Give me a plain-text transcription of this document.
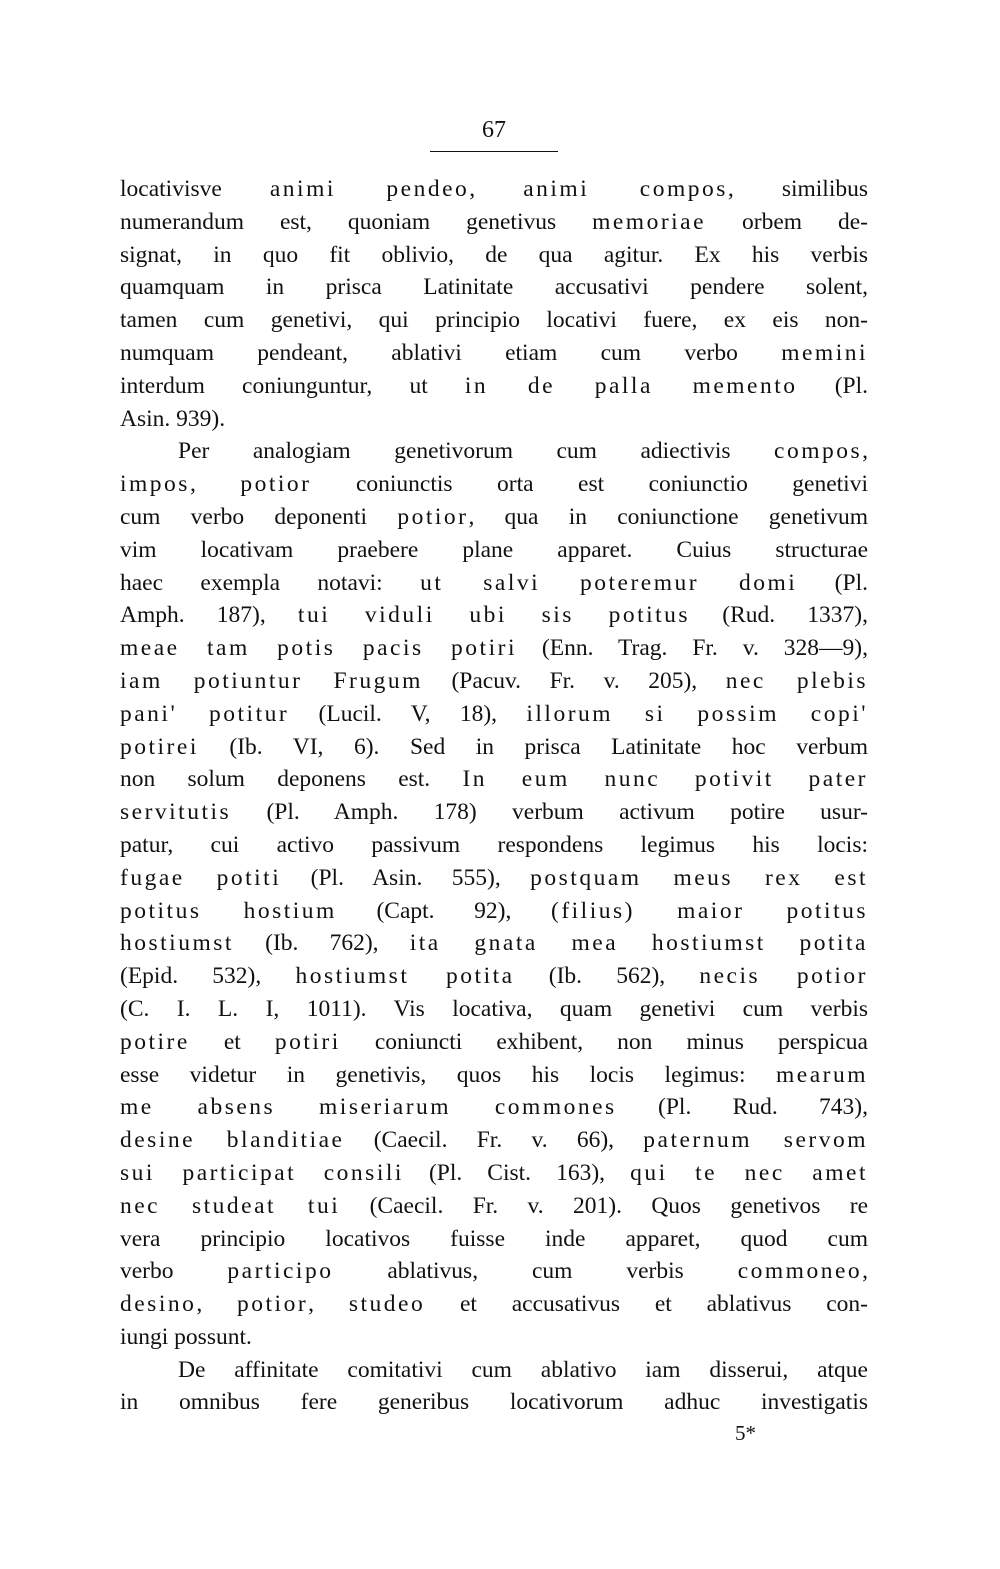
67
locativisve animi pendeo, animi compos, similibus
numerandum est, quoniam genetivus memoriae orbem de-
signat, in quo fit oblivio, de qua agitur. Ex his verbis
quamquam in prisca Latinitate accusativi pendere solent,
tamen cum genetivi, qui principio locativi fuere, ex eis non-
numquam pendeant, ablativi etiam cum verbo memini
interdum coniunguntur, ut in de palla memento (Pl.
Asin. 939).
Per analogiam genetivorum cum adiectivis compos,
impos, potior coniunctis orta est coniunctio genetivi
cum verbo deponenti potior, qua in coniunctione genetivum
vim locativam praebere plane apparet. Cuius structurae
haec exempla notavi: ut salvi poteremur domi (Pl.
Amph. 187), tui viduli ubi sis potitus (Rud. 1337),
meae tam potis pacis potiri (Enn. Trag. Fr. v. 328—9),
iam potiuntur Frugum (Pacuv. Fr. v. 205), nec plebis
pani' potitur (Lucil. V, 18), illorum si possim copi'
potirei (Ib. VI, 6). Sed in prisca Latinitate hoc verbum
non solum deponens est. In eum nunc potivit pater
servitutis (Pl. Amph. 178) verbum activum potire usur-
patur, cui activo passivum respondens legimus his locis:
fugae potiti (Pl. Asin. 555), postquam meus rex est
potitus hostium (Capt. 92), (filius) maior potitus
hostiumst (Ib. 762), ita gnata mea hostiumst potita
(Epid. 532), hostiumst potita (Ib. 562), necis potior
(C. I. L. I, 1011). Vis locativa, quam genetivi cum verbis
potire et potiri coniuncti exhibent, non minus perspicua
esse videtur in genetivis, quos his locis legimus: mearum
me absens miseriarum commones (Pl. Rud. 743),
desine blanditiae (Caecil. Fr. v. 66), paternum servom
sui participat consili (Pl. Cist. 163), qui te nec amet
nec studeat tui (Caecil. Fr. v. 201). Quos genetivos re
vera principio locativos fuisse inde apparet, quod cum
verbo participo ablativus, cum verbis commoneo,
desino, potior, studeo et accusativus et ablativus con-
iungi possunt.
De affinitate comitativi cum ablativo iam disserui, atque
in omnibus fere generibus locativorum adhuc investigatis
5*
